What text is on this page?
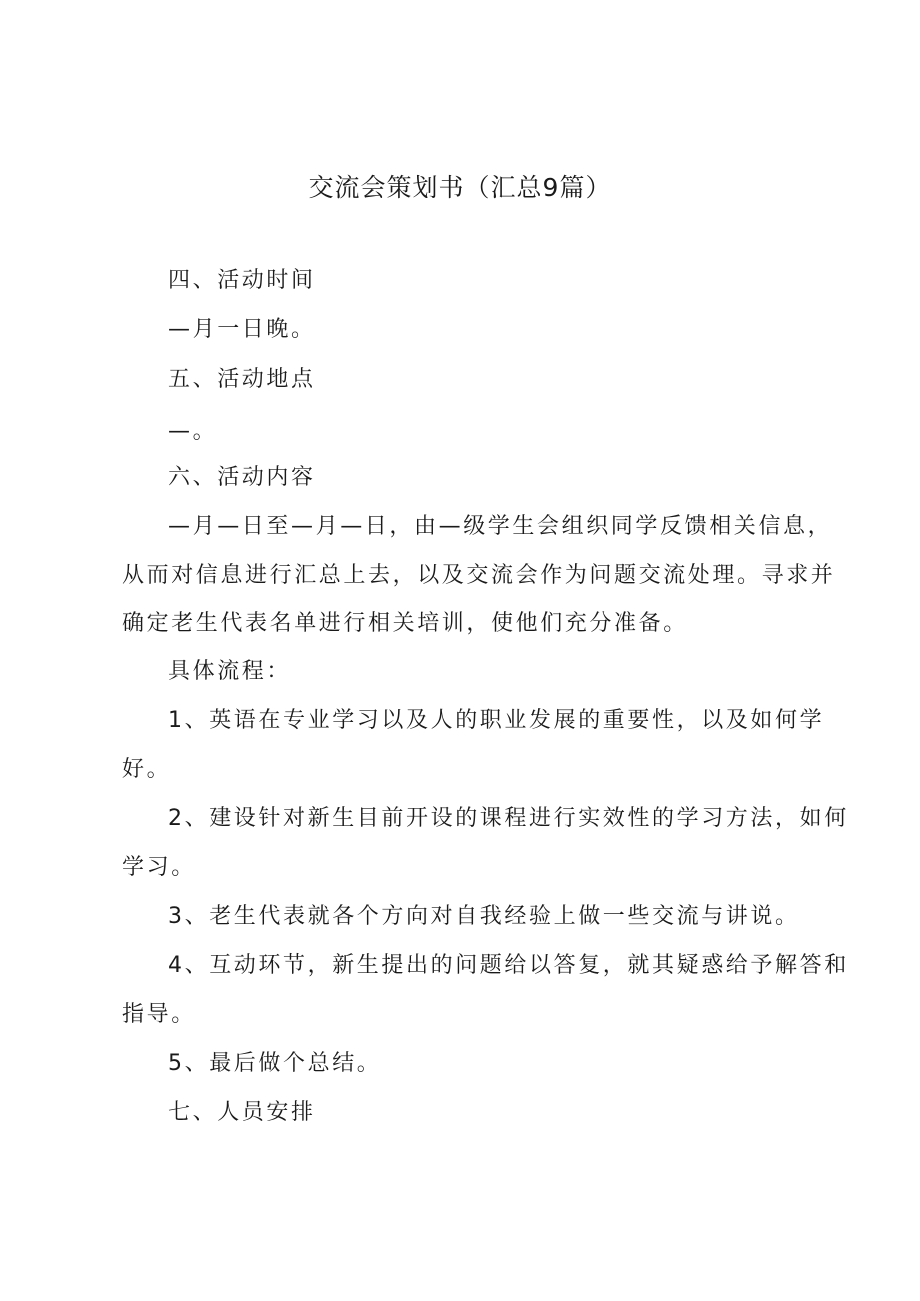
交流会策划书（汇总9篇）
四、活动时间
—月一日晚。
五、活动地点
—。
六、活动内容
—月—日至—月—日，由—级学生会组织同学反馈相关信息，
从而对信息进行汇总上去，以及交流会作为问题交流处理。寻求并
确定老生代表名单进行相关培训，使他们充分准备。
具体流程：
1、英语在专业学习以及人的职业发展的重要性，以及如何学
好。
2、建设针对新生目前开设的课程进行实效性的学习方法，如何
学习。
3、老生代表就各个方向对自我经验上做一些交流与讲说。
4、互动环节，新生提出的问题给以答复，就其疑惑给予解答和
指导。
5、最后做个总结。
七、人员安排
